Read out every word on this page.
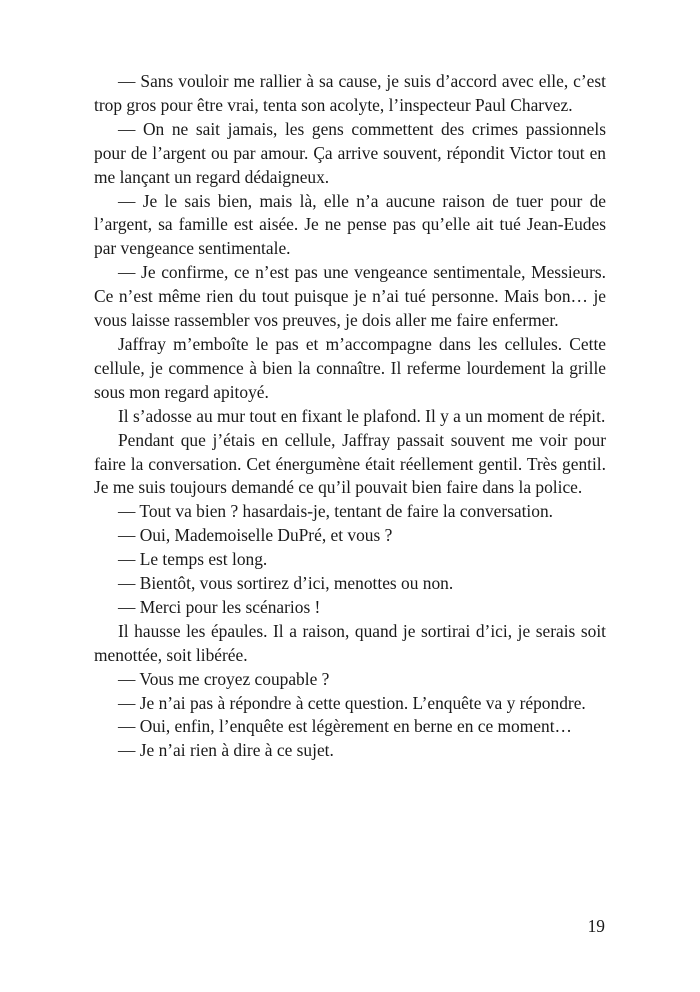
— Sans vouloir me rallier à sa cause, je suis d’accord avec elle, c’est trop gros pour être vrai, tenta son acolyte, l’inspecteur Paul Charvez.

— On ne sait jamais, les gens commettent des crimes passionnels pour de l’argent ou par amour. Ça arrive souvent, répondit Victor tout en me lançant un regard dédaigneux.

— Je le sais bien, mais là, elle n’a aucune raison de tuer pour de l’argent, sa famille est aisée. Je ne pense pas qu’elle ait tué Jean-Eudes par vengeance sentimentale.

— Je confirme, ce n’est pas une vengeance sentimentale, Messieurs. Ce n’est même rien du tout puisque je n’ai tué personne. Mais bon… je vous laisse rassembler vos preuves, je dois aller me faire enfermer.

Jaffray m’emboîte le pas et m’accompagne dans les cellules. Cette cellule, je commence à bien la connaître. Il referme lourdement la grille sous mon regard apitoyé.

Il s’adosse au mur tout en fixant le plafond. Il y a un moment de répit.

Pendant que j’étais en cellule, Jaffray passait souvent me voir pour faire la conversation. Cet énergumène était réellement gentil. Très gentil. Je me suis toujours demandé ce qu’il pouvait bien faire dans la police.

— Tout va bien ? hasardais-je, tentant de faire la conversation.

— Oui, Mademoiselle DuPré, et vous ?

— Le temps est long.

— Bientôt, vous sortirez d’ici, menottes ou non.

— Merci pour les scénarios !

Il hausse les épaules. Il a raison, quand je sortirai d’ici, je serais soit menottée, soit libérée.

— Vous me croyez coupable ?

— Je n’ai pas à répondre à cette question. L’enquête va y répondre.

— Oui, enfin, l’enquête est légèrement en berne en ce moment…

— Je n’ai rien à dire à ce sujet.

19
